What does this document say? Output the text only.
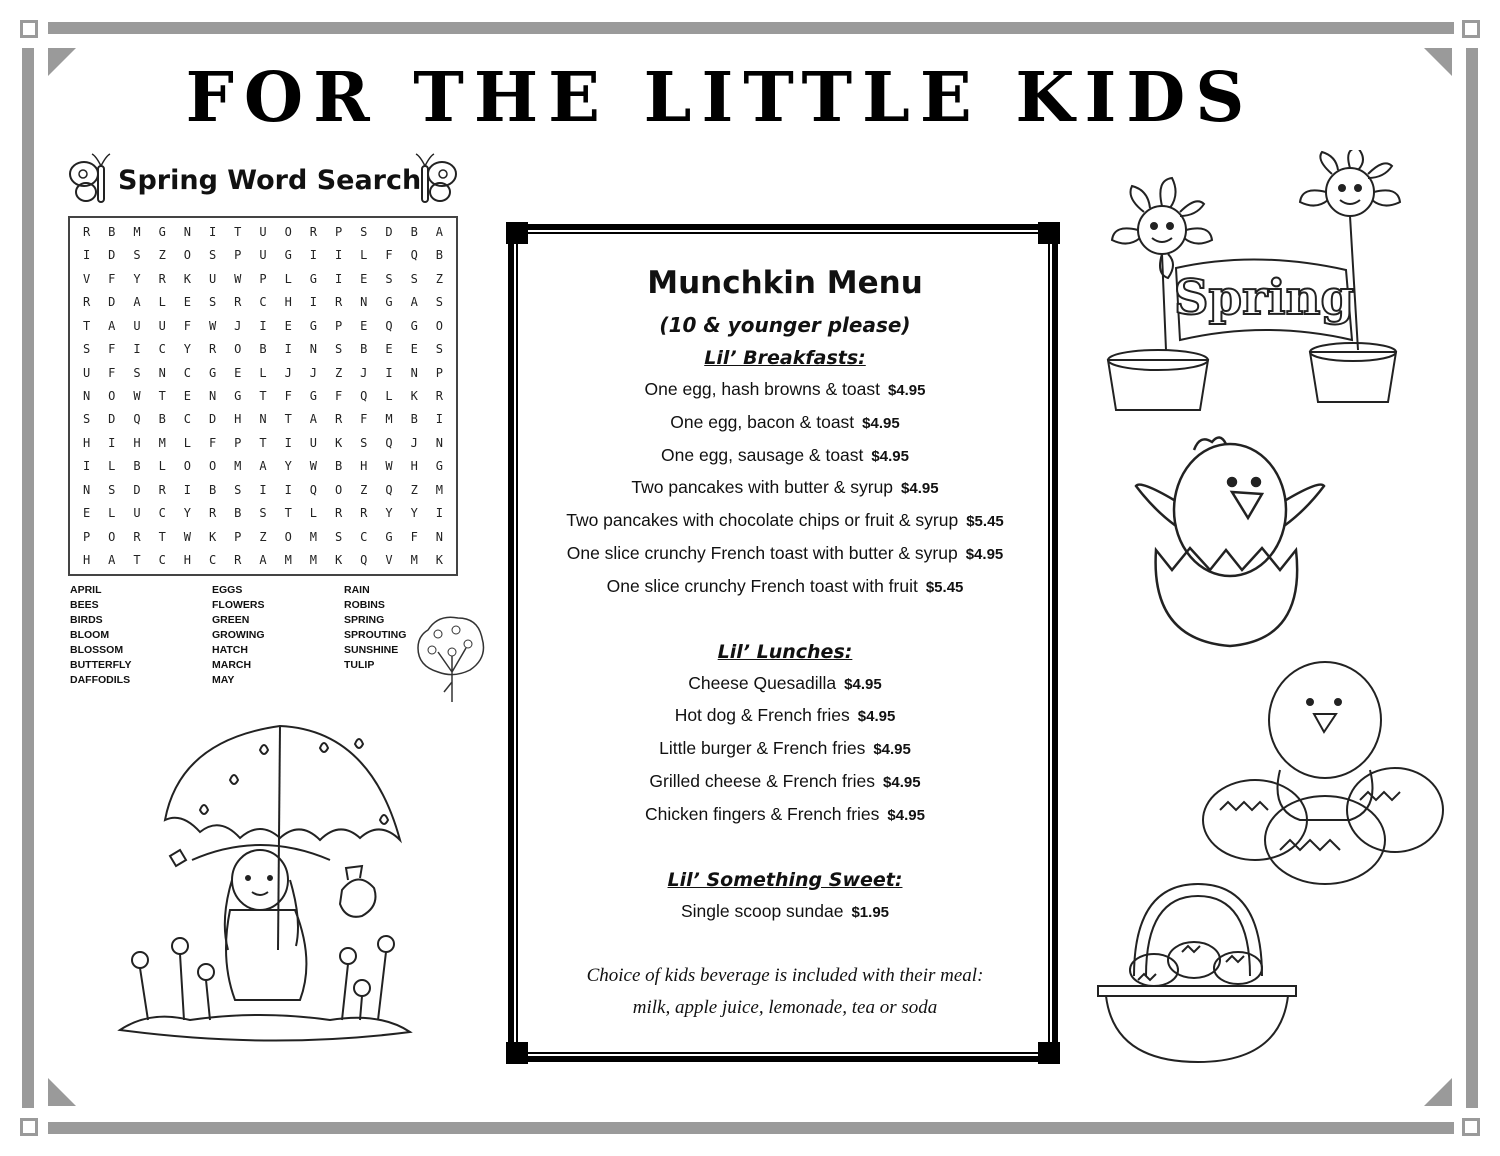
FOR THE LITTLE KIDS
Spring Word Search
R	B	M	G	N	I	T	U	O	R	P	S	D	B	A
I	D	S	Z	O	S	P	U	G	I	I	L	F	Q	B
V	F	Y	R	K	U	W	P	L	G	I	E	S	S	Z
R	D	A	L	E	S	R	C	H	I	R	N	G	A	S
T	A	U	U	F	W	J	I	E	G	P	E	Q	G	O
S	F	I	C	Y	R	O	B	I	N	S	B	E	E	S
U	F	S	N	C	G	E	L	J	J	Z	J	I	N	P
N	O	W	T	E	N	G	T	F	G	F	Q	L	K	R
S	D	Q	B	C	D	H	N	T	A	R	F	M	B	I
H	I	H	M	L	F	P	T	I	U	K	S	Q	J	N
I	L	B	L	O	O	M	A	Y	W	B	H	W	H	G
N	S	D	R	I	B	S	I	I	Q	O	Z	Q	Z	M
E	L	U	C	Y	R	B	S	T	L	R	R	Y	Y	I
P	O	R	T	W	K	P	Z	O	M	S	C	G	F	N
H	A	T	C	H	C	R	A	M	M	K	Q	V	M	K
APRIL
BEES
BIRDS
BLOOM
BLOSSOM
BUTTERFLY
DAFFODILS
EGGS
FLOWERS
GREEN
GROWING
HATCH
MARCH
MAY
RAIN
ROBINS
SPRING
SPROUTING
SUNSHINE
TULIP
Munchkin Menu
(10 & younger please)
Lil’ Breakfasts:
One egg, hash browns & toast $4.95
One egg, bacon & toast $4.95
One egg, sausage & toast $4.95
Two pancakes with butter & syrup $4.95
Two pancakes with chocolate chips or fruit & syrup $5.45
One slice crunchy French toast with butter & syrup $4.95
One slice crunchy French toast with fruit $5.45
Lil’ Lunches:
Cheese Quesadilla $4.95
Hot dog & French fries $4.95
Little burger & French fries $4.95
Grilled cheese & French fries $4.95
Chicken fingers & French fries $4.95
Lil’ Something Sweet:
Single scoop sundae $1.95
Choice of kids beverage is included with their meal:
milk, apple juice, lemonade, tea or soda
Spring
